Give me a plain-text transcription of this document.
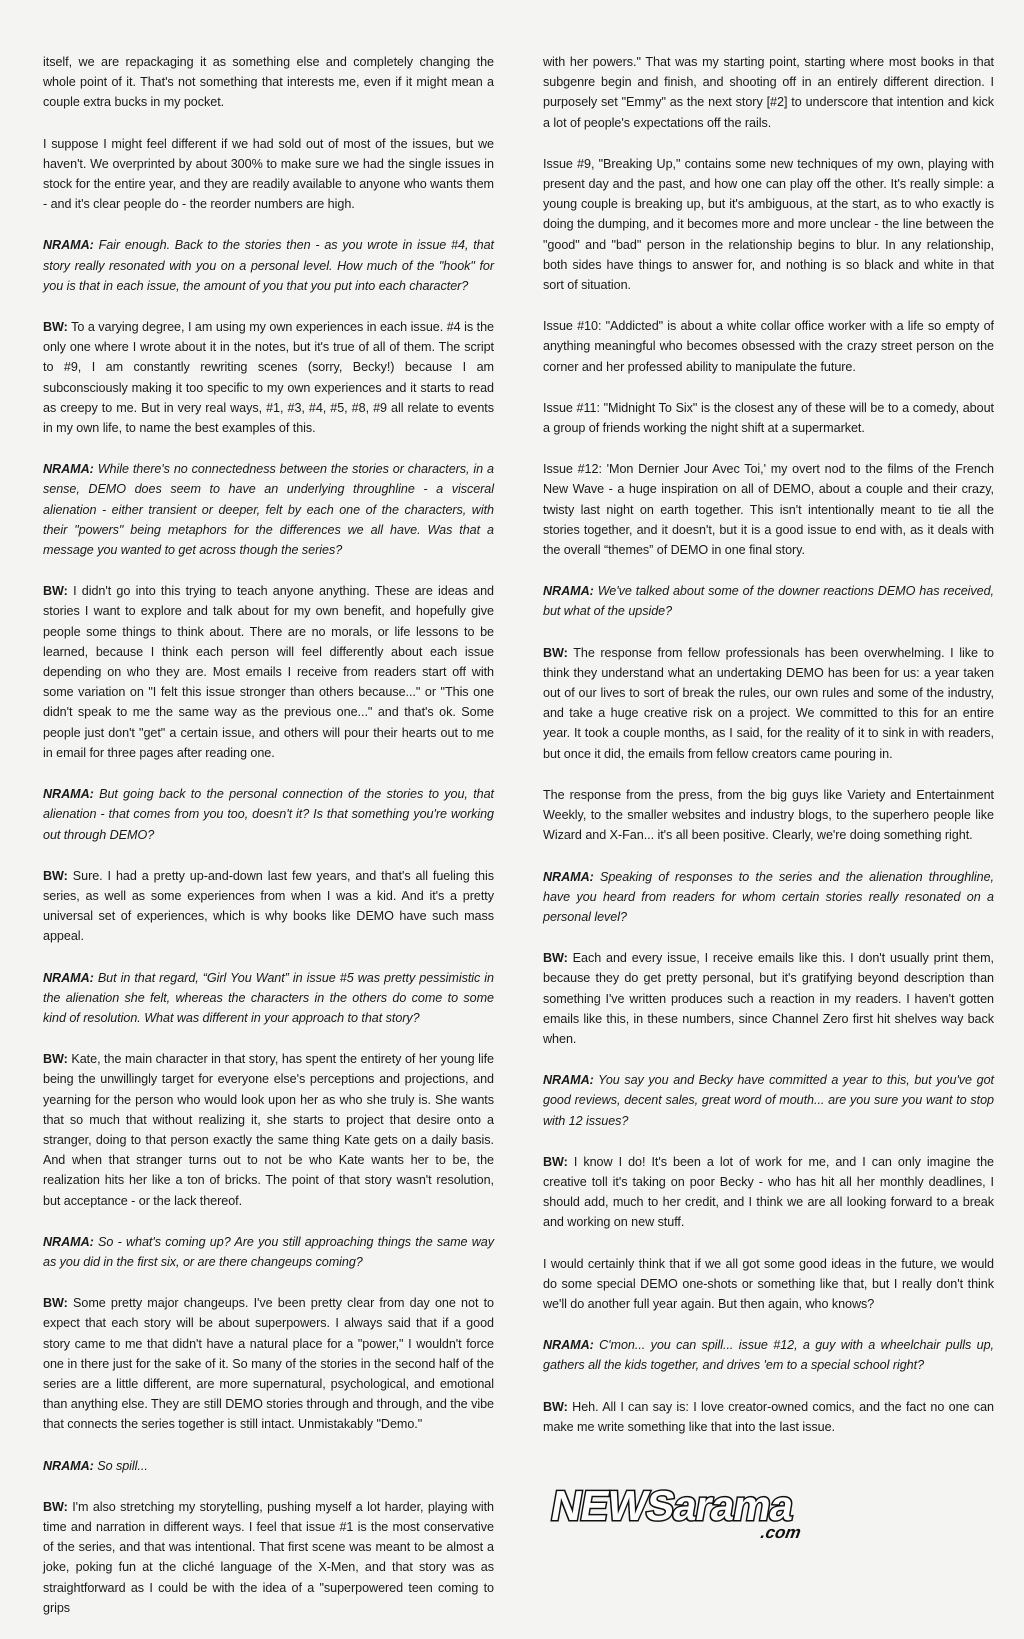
itself, we are repackaging it as something else and completely changing the whole point of it. That's not something that interests me, even if it might mean a couple extra bucks in my pocket.

I suppose I might feel different if we had sold out of most of the issues, but we haven't. We overprinted by about 300% to make sure we had the single issues in stock for the entire year, and they are readily available to anyone who wants them - and it's clear people do - the reorder numbers are high.

NRAMA: Fair enough. Back to the stories then - as you wrote in issue #4, that story really resonated with you on a personal level. How much of the "hook" for you is that in each issue, the amount of you that you put into each character?

BW: To a varying degree, I am using my own experiences in each issue. #4 is the only one where I wrote about it in the notes, but it's true of all of them. The script to #9, I am constantly rewriting scenes (sorry, Becky!) because I am subconsciously making it too specific to my own experiences and it starts to read as creepy to me. But in very real ways, #1, #3, #4, #5, #8, #9 all relate to events in my own life, to name the best examples of this.

NRAMA: While there's no connectedness between the stories or characters, in a sense, DEMO does seem to have an underlying throughline - a visceral alienation - either transient or deeper, felt by each one of the characters, with their "powers" being metaphors for the differences we all have. Was that a message you wanted to get across though the series?

BW: I didn't go into this trying to teach anyone anything. These are ideas and stories I want to explore and talk about for my own benefit, and hopefully give people some things to think about. There are no morals, or life lessons to be learned, because I think each person will feel differently about each issue depending on who they are. Most emails I receive from readers start off with some variation on "I felt this issue stronger than others because..." or "This one didn't speak to me the same way as the previous one..." and that's ok. Some people just don't "get" a certain issue, and others will pour their hearts out to me in email for three pages after reading one.

NRAMA: But going back to the personal connection of the stories to you, that alienation - that comes from you too, doesn't it? Is that something you're working out through DEMO?

BW: Sure. I had a pretty up-and-down last few years, and that's all fueling this series, as well as some experiences from when I was a kid. And it's a pretty universal set of experiences, which is why books like DEMO have such mass appeal.

NRAMA: But in that regard, “Girl You Want” in issue #5 was pretty pessimistic in the alienation she felt, whereas the characters in the others do come to some kind of resolution. What was different in your approach to that story?

BW: Kate, the main character in that story, has spent the entirety of her young life being the unwillingly target for everyone else's perceptions and projections, and yearning for the person who would look upon her as who she truly is. She wants that so much that without realizing it, she starts to project that desire onto a stranger, doing to that person exactly the same thing Kate gets on a daily basis. And when that stranger turns out to not be who Kate wants her to be, the realization hits her like a ton of bricks. The point of that story wasn't resolution, but acceptance - or the lack thereof.

NRAMA: So - what's coming up? Are you still approaching things the same way as you did in the first six, or are there changeups coming?

BW: Some pretty major changeups. I've been pretty clear from day one not to expect that each story will be about superpowers. I always said that if a good story came to me that didn't have a natural place for a "power," I wouldn't force one in there just for the sake of it. So many of the stories in the second half of the series are a little different, are more supernatural, psychological, and emotional than anything else. They are still DEMO stories through and through, and the vibe that connects the series together is still intact. Unmistakably "Demo."

NRAMA: So spill...

BW: I'm also stretching my storytelling, pushing myself a lot harder, playing with time and narration in different ways. I feel that issue #1 is the most conservative of the series, and that was intentional. That first scene was meant to be almost a joke, poking fun at the cliché language of the X-Men, and that story was as straightforward as I could be with the idea of a "superpowered teen coming to grips

with her powers." That was my starting point, starting where most books in that subgenre begin and finish, and shooting off in an entirely different direction. I purposely set "Emmy" as the next story [#2] to underscore that intention and kick a lot of people's expectations off the rails.

Issue #9, "Breaking Up," contains some new techniques of my own, playing with present day and the past, and how one can play off the other. It's really simple: a young couple is breaking up, but it's ambiguous, at the start, as to who exactly is doing the dumping, and it becomes more and more unclear - the line between the "good" and "bad" person in the relationship begins to blur. In any relationship, both sides have things to answer for, and nothing is so black and white in that sort of situation.

Issue #10: "Addicted" is about a white collar office worker with a life so empty of anything meaningful who becomes obsessed with the crazy street person on the corner and her professed ability to manipulate the future.

Issue #11: "Midnight To Six" is the closest any of these will be to a comedy, about a group of friends working the night shift at a supermarket.

Issue #12: 'Mon Dernier Jour Avec Toi,' my overt nod to the films of the French New Wave - a huge inspiration on all of DEMO, about a couple and their crazy, twisty last night on earth together. This isn't intentionally meant to tie all the stories together, and it doesn't, but it is a good issue to end with, as it deals with the overall “themes” of DEMO in one final story.

NRAMA: We've talked about some of the downer reactions DEMO has received, but what of the upside?

BW: The response from fellow professionals has been overwhelming. I like to think they understand what an undertaking DEMO has been for us: a year taken out of our lives to sort of break the rules, our own rules and some of the industry, and take a huge creative risk on a project. We committed to this for an entire year. It took a couple months, as I said, for the reality of it to sink in with readers, but once it did, the emails from fellow creators came pouring in.

The response from the press, from the big guys like Variety and Entertainment Weekly, to the smaller websites and industry blogs, to the superhero people like Wizard and X-Fan... it's all been positive. Clearly, we're doing something right.

NRAMA: Speaking of responses to the series and the alienation throughline, have you heard from readers for whom certain stories really resonated on a personal level?

BW: Each and every issue, I receive emails like this. I don't usually print them, because they do get pretty personal, but it's gratifying beyond description than something I've written produces such a reaction in my readers. I haven't gotten emails like this, in these numbers, since Channel Zero first hit shelves way back when.

NRAMA: You say you and Becky have committed a year to this, but you've got good reviews, decent sales, great word of mouth... are you sure you want to stop with 12 issues?

BW: I know I do! It's been a lot of work for me, and I can only imagine the creative toll it's taking on poor Becky - who has hit all her monthly deadlines, I should add, much to her credit, and I think we are all looking forward to a break and working on new stuff.

I would certainly think that if we all got some good ideas in the future, we would do some special DEMO one-shots or something like that, but I really don't think we'll do another full year again. But then again, who knows?

NRAMA: C'mon... you can spill... issue #12, a guy with a wheelchair pulls up, gathers all the kids together, and drives 'em to a special school right?

BW: Heh. All I can say is: I love creator-owned comics, and the fact no one can make me write something like that into the last issue.

NEWSarama
.com
